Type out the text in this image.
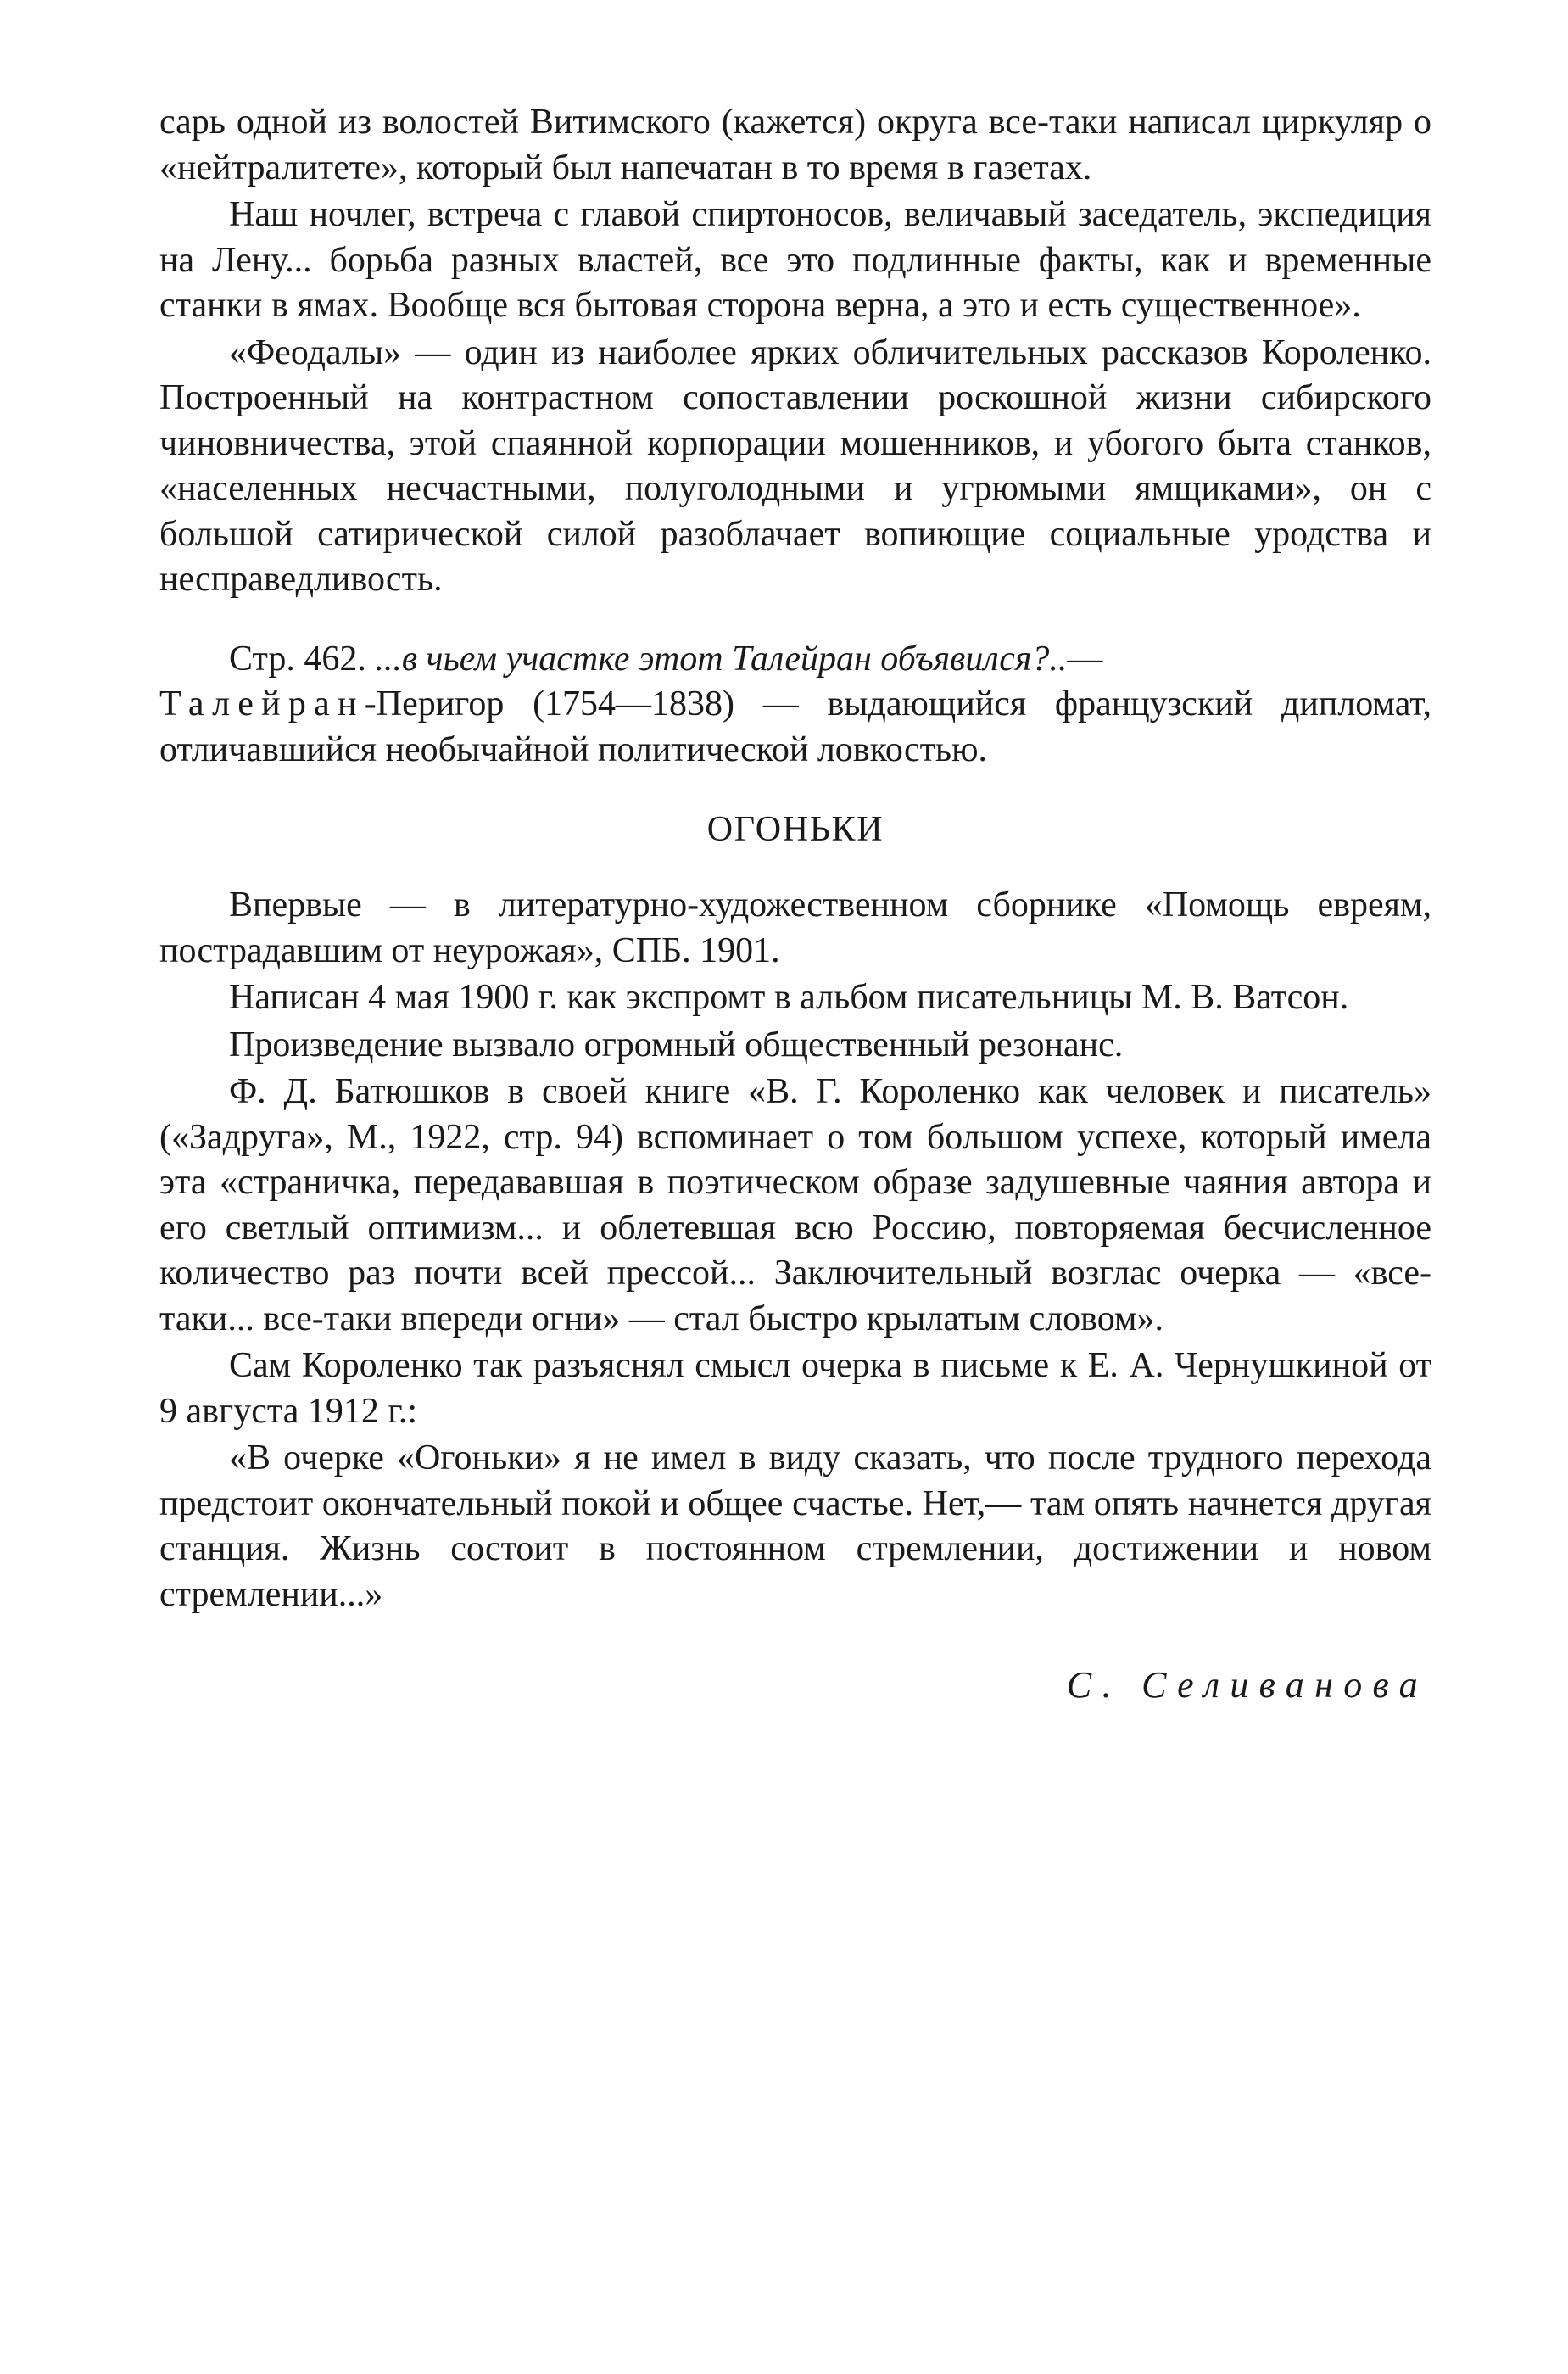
сарь одной из волостей Витимского (кажется) округа все-таки написал циркуляр о «нейтралитете», который был напечатан в то время в газетах.

Наш ночлег, встреча с главой спиртоносов, величавый заседатель, экспедиция на Лену... борьба разных властей, все это подлинные факты, как и временные станки в ямах. Вообще вся бытовая сторона верна, а это и есть существенное».

«Феодалы» — один из наиболее ярких обличительных рассказов Короленко. Построенный на контрастном сопоставлении роскошной жизни сибирского чиновничества, этой спаянной корпорации мошенников, и убогого быта станков, «населенных несчастными, полуголодными и угрюмыми ямщиками», он с большой сатирической силой разоблачает вопиющие социальные уродства и несправедливость.

Стр. 462. ...в чьем участке этот Талейран объявился?..—
Талейран-Перигор (1754—1838) — выдающийся французский дипломат, отличавшийся необычайной политической ловкостью.

ОГОНЬКИ

Впервые — в литературно-художественном сборнике «Помощь евреям, пострадавшим от неурожая», СПБ. 1901.

Написан 4 мая 1900 г. как экспромт в альбом писательницы М. В. Ватсон.

Произведение вызвало огромный общественный резонанс.

Ф. Д. Батюшков в своей книге «В. Г. Короленко как человек и писатель» («Задруга», М., 1922, стр. 94) вспоминает о том большом успехе, который имела эта «страничка, передававшая в поэтическом образе задушевные чаяния автора и его светлый оптимизм... и облетевшая всю Россию, повторяемая бесчисленное количество раз почти всей прессой... Заключительный возглас очерка — «все-таки... все-таки впереди огни» — стал быстро крылатым словом».

Сам Короленко так разъяснял смысл очерка в письме к Е. А. Чернушкиной от 9 августа 1912 г.:

«В очерке «Огоньки» я не имел в виду сказать, что после трудного перехода предстоит окончательный покой и общее счастье. Нет,— там опять начнется другая станция. Жизнь состоит в постоянном стремлении, достижении и новом стремлении...»

С. Селиванова
